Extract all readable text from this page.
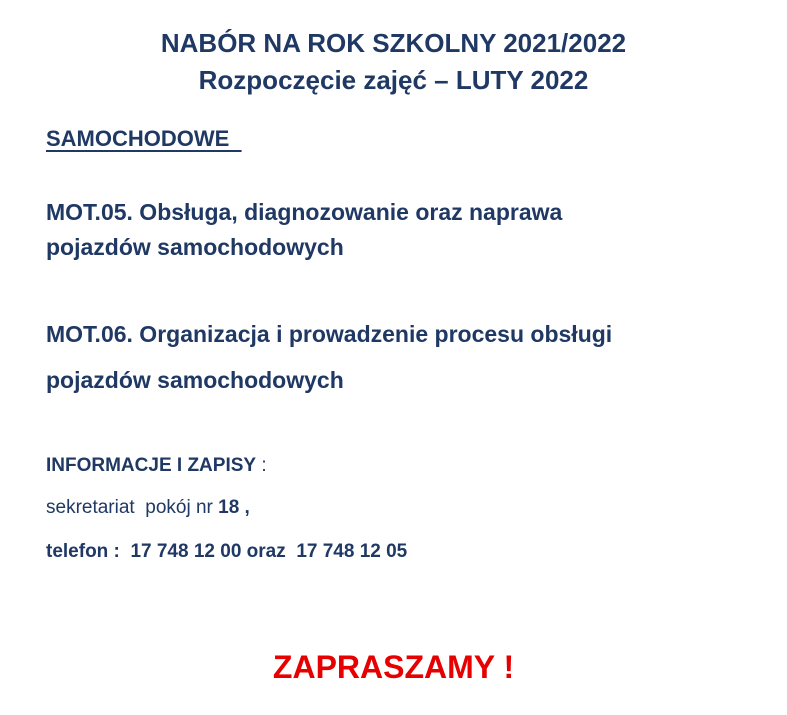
NABÓR NA ROK SZKOLNY 2021/2022
Rozpoczęcie zajęć – LUTY 2022
SAMOCHODOWE
MOT.05. Obsługa, diagnozowanie oraz naprawa
pojazdów samochodowych
MOT.06. Organizacja i prowadzenie procesu obsługi
pojazdów samochodowych
INFORMACJE I ZAPISY :
sekretariat  pokój nr 18 ,
telefon :  17 748 12 00 oraz  17 748 12 05
ZAPRASZAMY !
